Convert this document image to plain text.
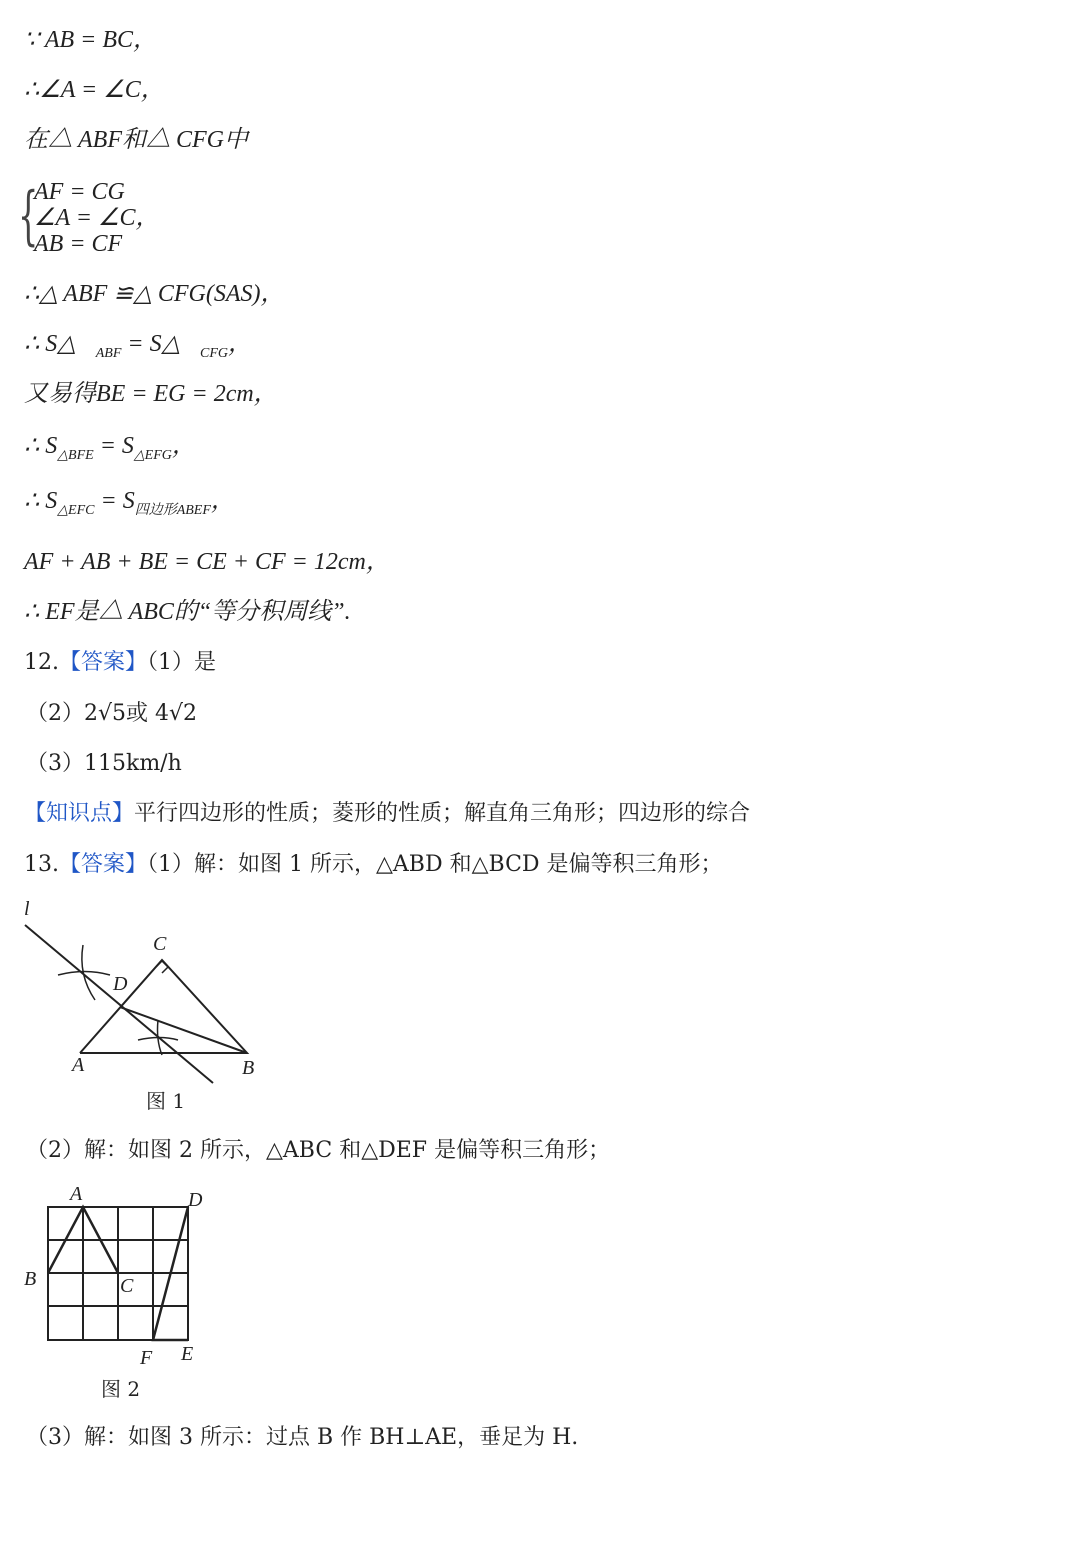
∵ AB = BC，
∴∠A = ∠C，
在△ ABF和△ CFG中
{
AF = CG
∠A = ∠C，
AB = CF
∴△ ABF ≌△ CFG(SAS)，
∴ S△ $_{ABF}$ = S△ $_{CFG}$，
又易得BE = EG = 2cm，
∴ $S_{\triangle BFE} = S_{\triangle EFG}$，
∴ $S_{\triangle EFC} = S_{四边形ABEF}$，
AF + AB + BE = CE + CF = 12cm，
∴ EF是△ ABC的“等分积周线”.
12.【答案】（1）是
（2）2√5或 4√2
（3）115km/h
【知识点】平行四边形的性质；菱形的性质；解直角三角形；四边形的综合
13.【答案】（1）解：如图 1 所示，△ABD 和△BCD 是偏等积三角形；
l
C
D
A	B
图 1
（2）解：如图 2 所示，△ABC 和△DEF 是偏等积三角形；
A	D
B	C
F E
图 2
（3）解：如图 3 所示：过点 B 作 BH⊥AE，垂足为 H.
